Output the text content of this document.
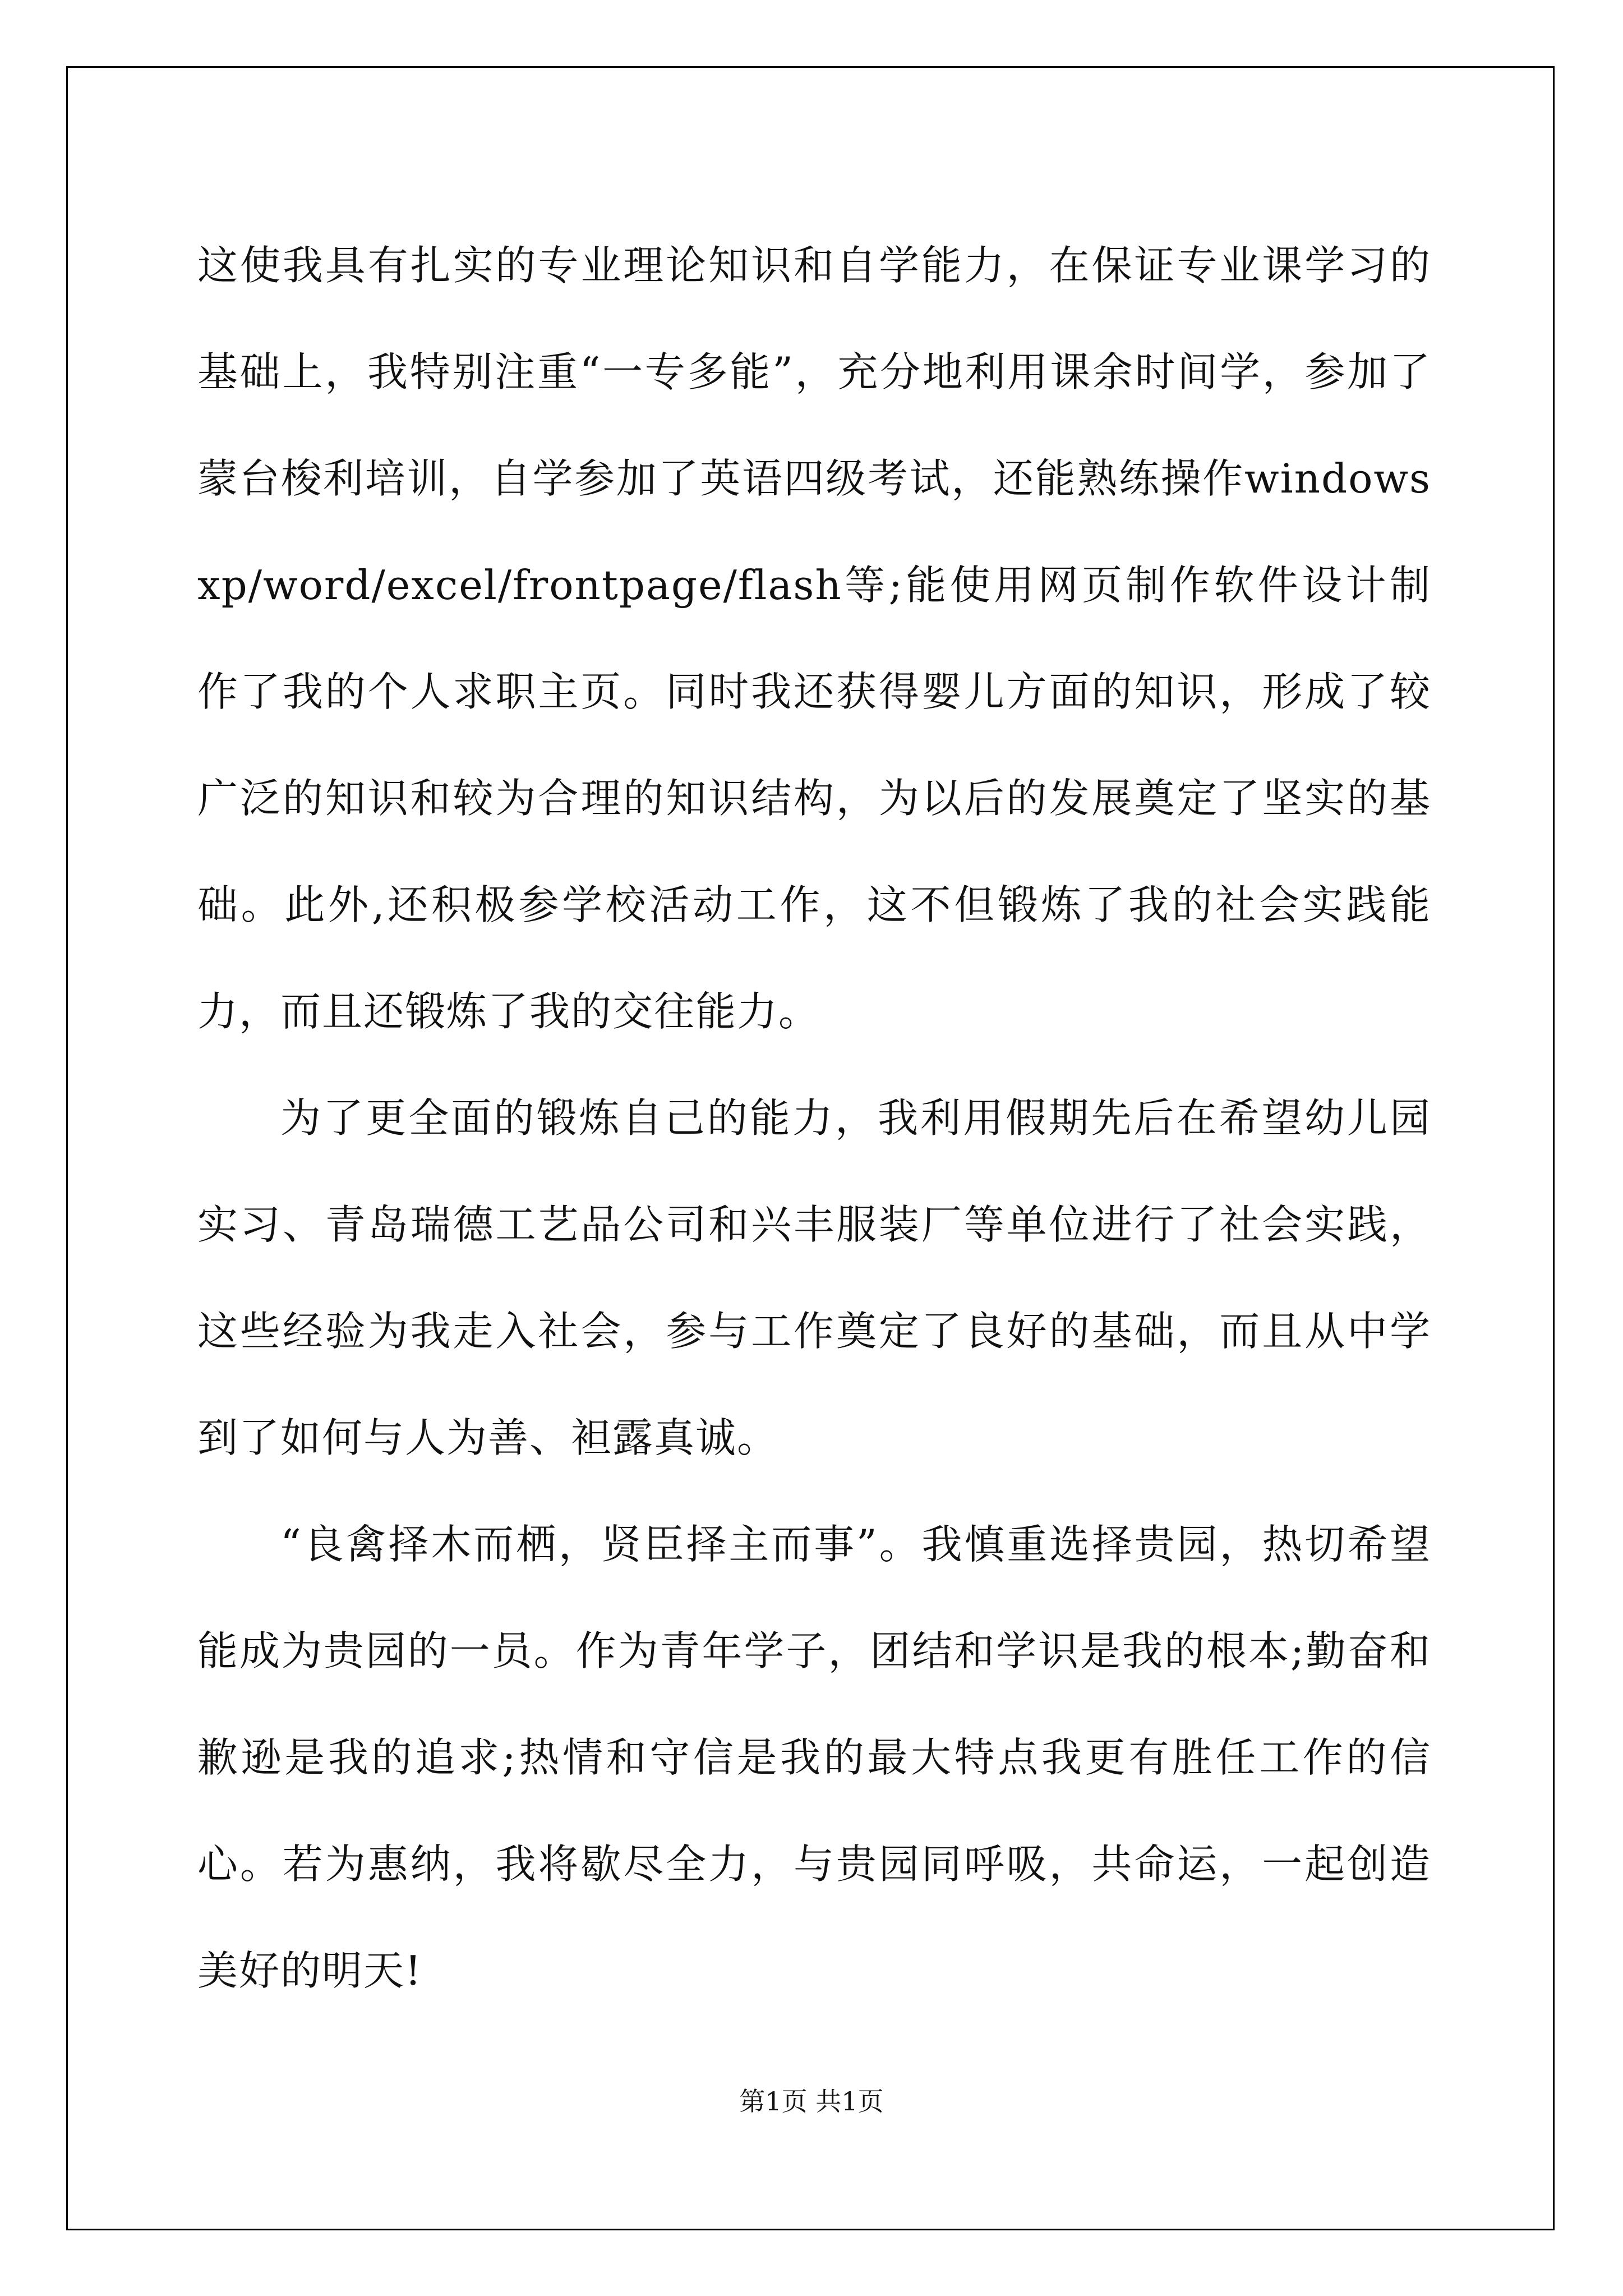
这使我具有扎实的专业理论知识和自学能力，在保证专业课学习的基础上，我特别注重“一专多能”，充分地利用课余时间学，参加了蒙台梭利培训，自学参加了英语四级考试，还能熟练操作windowsxp/word/excel/frontpage/flash等;能使用网页制作软件设计制作了我的个人求职主页。同时我还获得婴儿方面的知识，形成了较广泛的知识和较为合理的知识结构，为以后的发展奠定了坚实的基础。此外,还积极参学校活动工作，这不但锻炼了我的社会实践能力，而且还锻炼了我的交往能力。

为了更全面的锻炼自己的能力，我利用假期先后在希望幼儿园实习、青岛瑞德工艺品公司和兴丰服装厂等单位进行了社会实践，这些经验为我走入社会，参与工作奠定了良好的基础，而且从中学到了如何与人为善、袒露真诚。

“良禽择木而栖，贤臣择主而事”。我慎重选择贵园，热切希望能成为贵园的一员。作为青年学子，团结和学识是我的根本;勤奋和歉逊是我的追求;热情和守信是我的最大特点我更有胜任工作的信心。若为惠纳，我将歇尽全力，与贵园同呼吸，共命运，一起创造美好的明天!

第1页 共1页
